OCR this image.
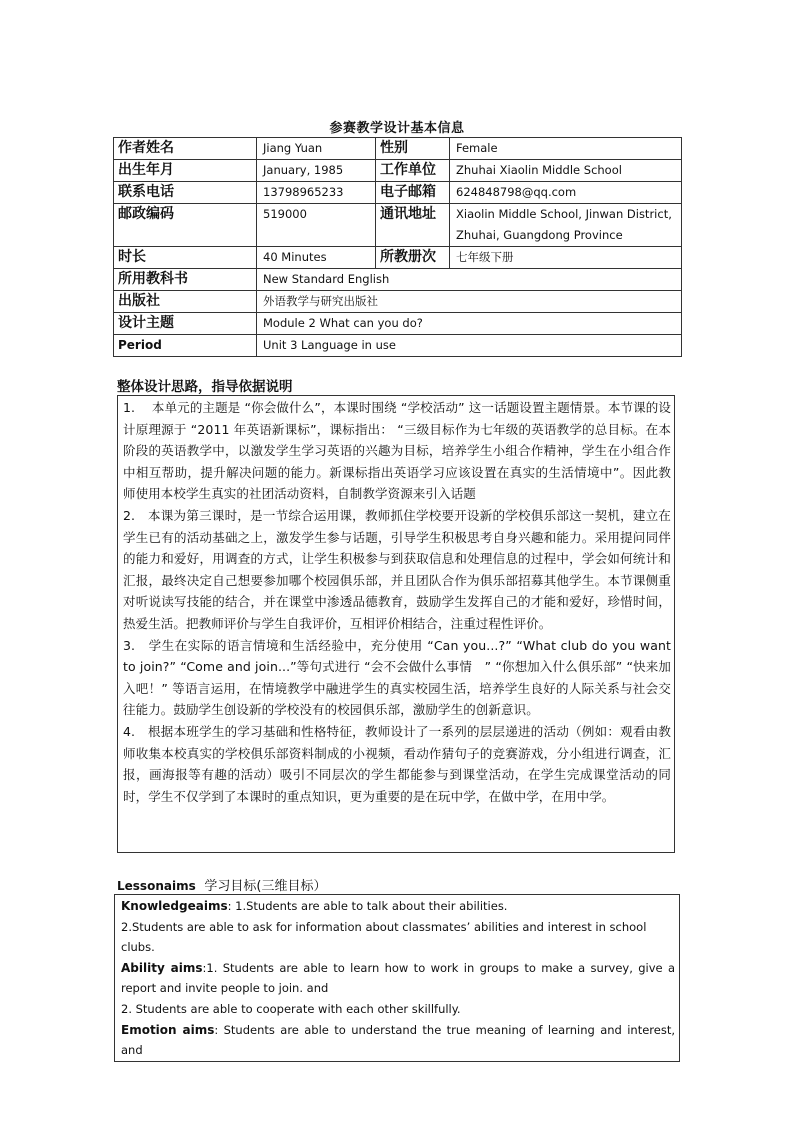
参赛教学设计基本信息
作者姓名	Jiang Yuan	性别	Female
出生年月	January, 1985	工作单位	Zhuhai Xiaolin Middle School
联系电话	13798965233	电子邮箱	624848798@qq.com
邮政编码	519000	通讯地址	Xiaolin Middle School, Jinwan District,
Zhuhai, Guangdong Province

时长	40 Minutes	所教册次	七年级下册
所用教科书	New Standard English		
出版社	外语教学与研究出版社		
设计主题	Module 2 What can you do?		
Period	Unit 3 Language in use		
整体设计思路，指导依据说明

1.　 本单元的主题是 “你会做什么”，本课时围绕 “学校活动” 这一话题设置主题情景。本节课的设计原理源于 “2011 年英语新课标”，课标指出： “三级目标作为七年级的英语教学的总目标。在本阶段的英语教学中，以激发学生学习英语的兴趣为目标，培养学生小组合作精神，学生在小组合作中相互帮助，提升解决问题的能力。新课标指出英语学习应该设置在真实的生活情境中”。因此教师使用本校学生真实的社团活动资料，自制教学资源来引入话题

2.　本课为第三课时，是一节综合运用课，教师抓住学校要开设新的学校俱乐部这一契机，建立在学生已有的活动基础之上，激发学生参与话题，引导学生积极思考自身兴趣和能力。采用提问同伴的能力和爱好，用调查的方式，让学生积极参与到获取信息和处理信息的过程中，学会如何统计和汇报，最终决定自己想要参加哪个校园俱乐部，并且团队合作为俱乐部招募其他学生。本节课侧重对听说读写技能的结合，并在课堂中渗透品德教育，鼓励学生发挥自己的才能和爱好，珍惜时间，热爱生活。把教师评价与学生自我评价，互相评价相结合，注重过程性评价。

3.　学生在实际的语言情境和生活经验中，充分使用 “Can you...?” “What club do you want to join?” “Come and join...”等句式进行 “会不会做什么事情　” “你想加入什么俱乐部” “快来加入吧！” 等语言运用，在情境教学中融进学生的真实校园生活，培养学生良好的人际关系与社会交往能力。鼓励学生创设新的学校没有的校园俱乐部，激励学生的创新意识。

4.　根据本班学生的学习基础和性格特征，教师设计了一系列的层层递进的活动（例如：观看由教师收集本校真实的学校俱乐部资料制成的小视频，看动作猜句子的竞赛游戏，分小组进行调查，汇报，画海报等有趣的活动）吸引不同层次的学生都能参与到课堂活动，在学生完成课堂活动的同时，学生不仅学到了本课时的重点知识，更为重要的是在玩中学，在做中学，在用中学。

Lessonaims 学习目标(三维目标）
Knowledgeaims: 1.Students are able to talk about their abilities.
2.Students are able to ask for information about classmates’ abilities and interest in school clubs.
Ability aims:1. Students are able to learn how to work in groups to make a survey, give a report and invite people to join. and
2. Students are able to cooperate with each other skillfully.
Emotion aims: Students are able to understand the true meaning of learning and interest, and
